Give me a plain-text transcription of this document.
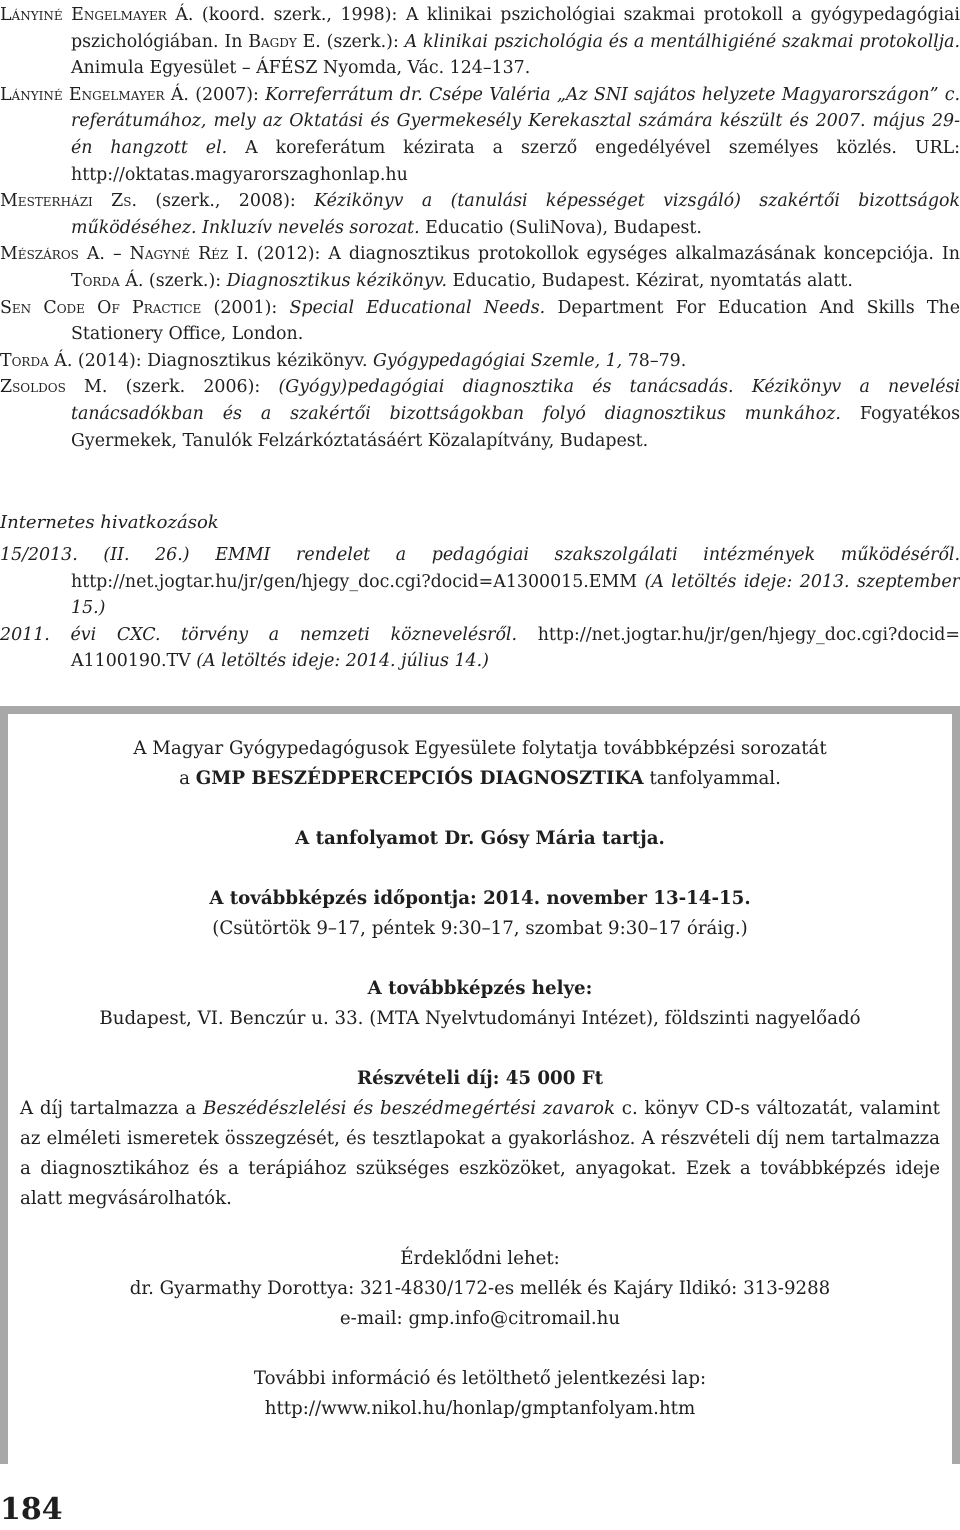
Lányiné Engelmayer Á. (koord. szerk., 1998): A klinikai pszichológiai szakmai protokoll a gyógypedagógiai pszichológiában. In Bagdy E. (szerk.): A klinikai pszichológia és a mentálhigiéné szakmai protokollja. Animula Egyesület – ÁFÉSZ Nyomda, Vác. 124–137.

Lányiné Engelmayer Á. (2007): Korreferrátum dr. Csépe Valéria „Az SNI sajátos helyzete Magyarországon” c. referátumához, mely az Oktatási és Gyermekesély Kerekasztal számára készült és 2007. május 29-én hangzott el. A koreferátum kézirata a szerző engedélyével személyes közlés. URL: http://oktatas.magyarorszaghonlap.hu

Mesterházi Zs. (szerk., 2008): Kézikönyv a (tanulási képességet vizsgáló) szakértői bizottságok működéséhez. Inkluzív nevelés sorozat. Educatio (SuliNova), Budapest.

Mészáros A. – Nagyné Réz I. (2012): A diagnosztikus protokollok egységes alkalmazásának koncepciója. In Torda Á. (szerk.): Diagnosztikus kézikönyv. Educatio, Budapest. Kézirat, nyomtatás alatt.

Sen Code Of Practice (2001): Special Educational Needs. Department For Education And Skills The Stationery Office, London.

Torda Á. (2014): Diagnosztikus kézikönyv. Gyógypedagógiai Szemle, 1, 78–79.

Zsoldos M. (szerk. 2006): (Gyógy)pedagógiai diagnosztika és tanácsadás. Kézikönyv a nevelési tanácsadókban és a szakértői bizottságokban folyó diagnosztikus munkához. Fogyatékos Gyermekek, Tanulók Felzárkóztatásáért Közalapítvány, Budapest.

Internetes hivatkozások

15/2013. (II. 26.) EMMI rendelet a pedagógiai szakszolgálati intézmények működéséről. http://net.jogtar.hu/jr/gen/hjegy_doc.cgi?docid=A1300015.EMM (A letöltés ideje: 2013. szeptember 15.)

2011. évi CXC. törvény a nemzeti köznevelésről. http://net.jogtar.hu/jr/gen/hjegy_doc.cgi?docid= A1100190.TV (A letöltés ideje: 2014. július 14.)

A Magyar Gyógypedagógusok Egyesülete folytatja továbbképzési sorozatát

a GMP BESZÉDPERCEPCIÓS DIAGNOSZTIKA tanfolyammal.

A tanfolyamot Dr. Gósy Mária tartja.

A továbbképzés időpontja: 2014. november 13-14-15.

(Csütörtök 9–17, péntek 9:30–17, szombat 9:30–17 óráig.)

A továbbképzés helye:

Budapest, VI. Benczúr u. 33. (MTA Nyelvtudományi Intézet), földszinti nagyelőadó

Részvételi díj: 45 000 Ft

A díj tartalmazza a Beszédészlelési és beszédmegértési zavarok c. könyv CD-s változatát, valamint az elméleti ismeretek összegzését, és tesztlapokat a gyakorláshoz. A részvételi díj nem tartalmazza a diagnosztikához és a terápiához szükséges eszközöket, anyagokat. Ezek a továbbképzés ideje alatt megvásárolhatók.

Érdeklődni lehet:

dr. Gyarmathy Dorottya: 321-4830/172-es mellék és Kajáry Ildikó: 313-9288

e-mail: gmp.info@citromail.hu

További információ és letölthető jelentkezési lap:

http://www.nikol.hu/honlap/gmptanfolyam.htm

184
